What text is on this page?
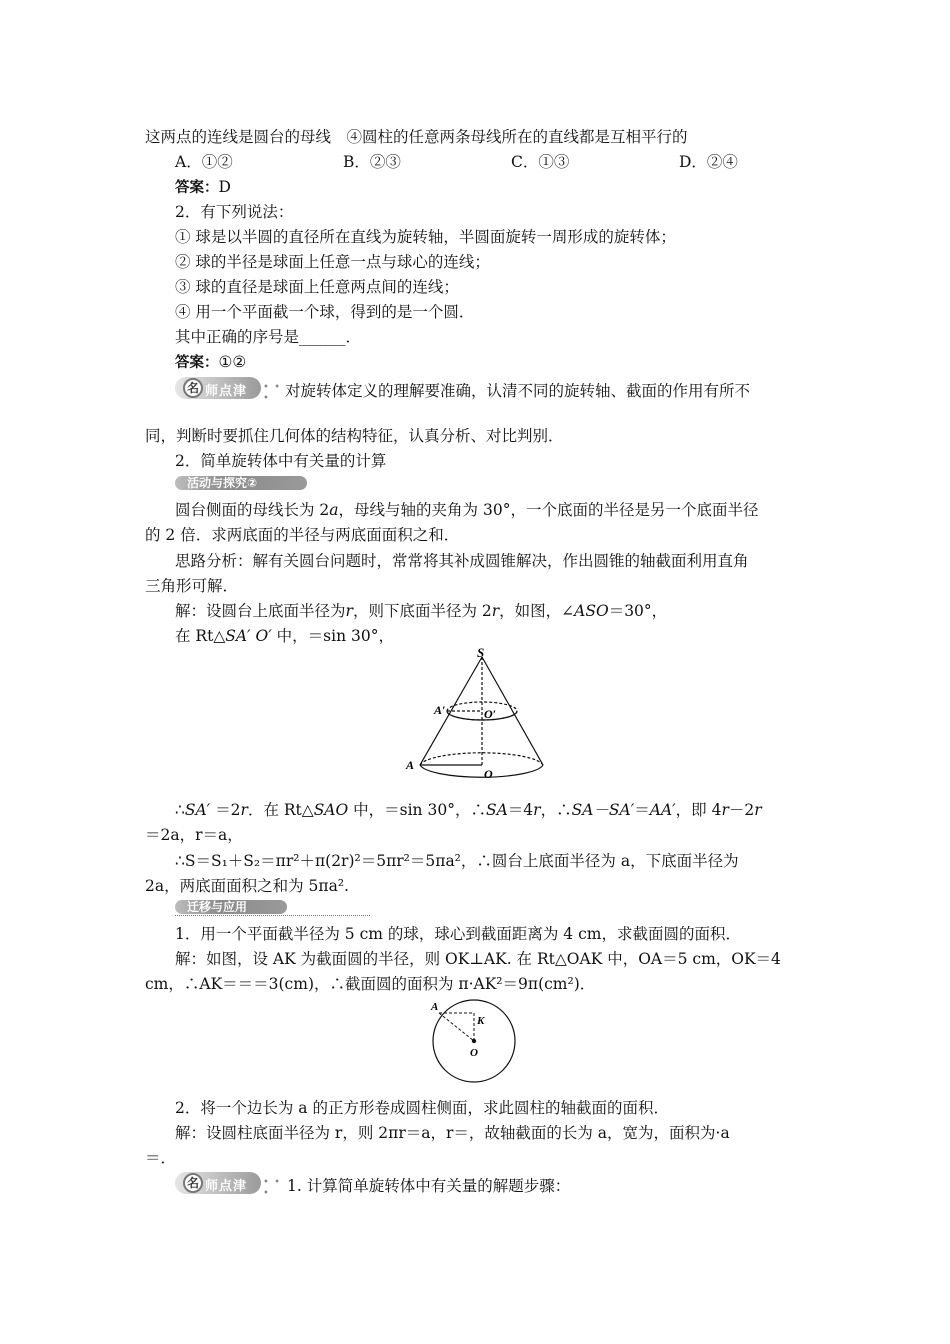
这两点的连线是圆台的母线　④圆柱的任意两条母线所在的直线都是互相平行的
A．①②	B．②③	C．①③	D．②④
答案：D
2．有下列说法：
① 球是以半圆的直径所在直线为旋转轴，半圆面旋转一周形成的旋转体；
② 球的半径是球面上任意一点与球心的连线；
③ 球的直径是球面上任意两点间的连线；
④ 用一个平面截一个球，得到的是一个圆．
其中正确的序号是______．
答案：①②
名 师点津 • • • 对旋转体定义的理解要准确，认清不同的旋转轴、截面的作用有所不
同，判断时要抓住几何体的结构特征，认真分析、对比判别．
2．简单旋转体中有关量的计算
活动与探究②
圆台侧面的母线长为 2a，母线与轴的夹角为 30°，一个底面的半径是另一个底面半径
的 2 倍．求两底面的半径与两底面面积之和．
思路分析：解有关圆台问题时，常常将其补成圆锥解决，作出圆锥的轴截面利用直角
三角形可解．
解：设圆台上底面半径为r，则下底面半径为 2r，如图，∠ASO＝30°，
在 Rt△SA′ O′ 中，＝sin 30°，
S
A′	O′
A
O
∴SA′ ＝2r．在 Rt△SAO 中，＝sin 30°，∴SA＝4r，∴SA－SA′＝AA′，即 4r－2r
＝2a，r＝a，
∴S＝S₁＋S₂＝πr²＋π(2r)²＝5πr²＝5πa²，∴圆台上底面半径为 a，下底面半径为
2a，两底面面积之和为 5πa².
迁移与应用
1．用一个平面截半径为 5 cm 的球，球心到截面距离为 4 cm，求截面圆的面积．
解：如图，设 AK 为截面圆的半径，则 OK⊥AK. 在 Rt△OAK 中，OA＝5 cm，OK＝4
cm，∴AK＝＝＝3(cm)，∴截面圆的面积为 π·AK²＝9π(cm²)．
A
K
O
2．将一个边长为 a 的正方形卷成圆柱侧面，求此圆柱的轴截面的面积．
解：设圆柱底面半径为 r，则 2πr＝a，r＝，故轴截面的长为 a，宽为，面积为·a
＝．
名 师点津 • • •	1. 计算简单旋转体中有关量的解题步骤：
